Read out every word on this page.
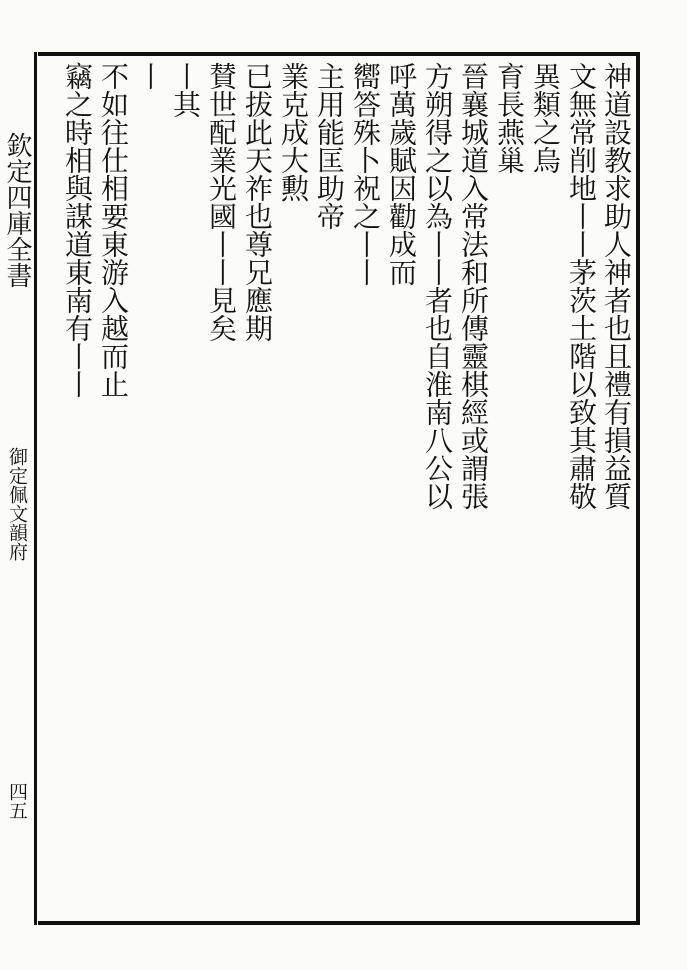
欽定四庫全書
御定佩文韻府
四五
神道設教求助人神者也且禮有損益質
文無常削地丨丨茅茨土階以致其肅敬
異類之烏
育長燕巢
晉襄城道入常法和所傳靈棋經或謂張
方朔得之以為丨丨者也自淮南八公以
呼萬歲賦因勸成而
嚮答殊卜祝之丨丨
主用能匡助帝
業克成大勲
已拔此天祚也尊兄應期
賛世配業光國丨丨見矣
丨其
丨
不如往仕相要東游入越而止
竊之時相與謀道東南有丨丨
